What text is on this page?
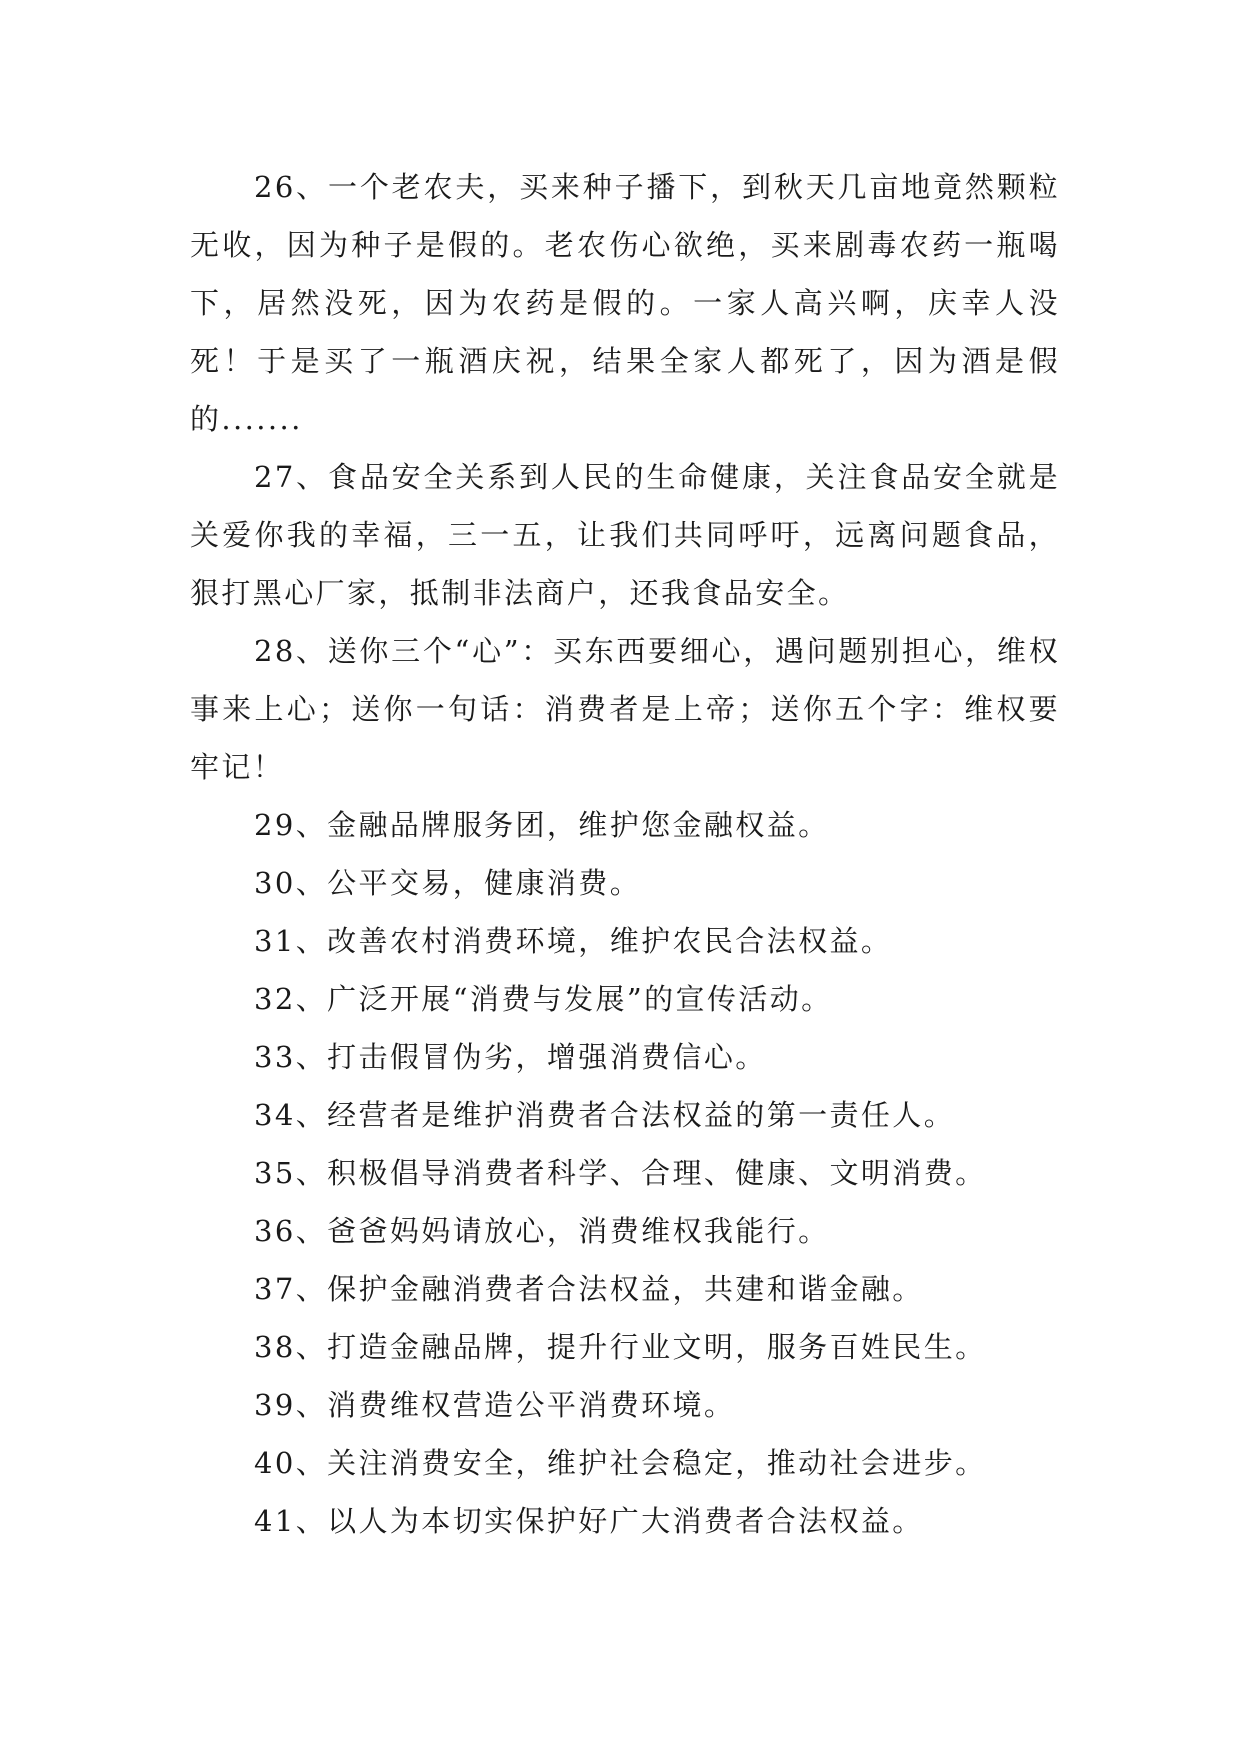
26、一个老农夫，买来种子播下，到秋天几亩地竟然颗粒无收，因为种子是假的。老农伤心欲绝，买来剧毒农药一瓶喝下，居然没死，因为农药是假的。一家人高兴啊，庆幸人没死！于是买了一瓶酒庆祝，结果全家人都死了，因为酒是假的.......

27、食品安全关系到人民的生命健康，关注食品安全就是关爱你我的幸福，三一五，让我们共同呼吁，远离问题食品，狠打黑心厂家，抵制非法商户，还我食品安全。

28、送你三个“心”：买东西要细心，遇问题别担心，维权事来上心；送你一句话：消费者是上帝；送你五个字：维权要牢记！

29、金融品牌服务团，维护您金融权益。

30、公平交易，健康消费。

31、改善农村消费环境，维护农民合法权益。

32、广泛开展“消费与发展”的宣传活动。

33、打击假冒伪劣，增强消费信心。

34、经营者是维护消费者合法权益的第一责任人。

35、积极倡导消费者科学、合理、健康、文明消费。

36、爸爸妈妈请放心，消费维权我能行。

37、保护金融消费者合法权益，共建和谐金融。

38、打造金融品牌，提升行业文明，服务百姓民生。

39、消费维权营造公平消费环境。

40、关注消费安全，维护社会稳定，推动社会进步。

41、以人为本切实保护好广大消费者合法权益。
